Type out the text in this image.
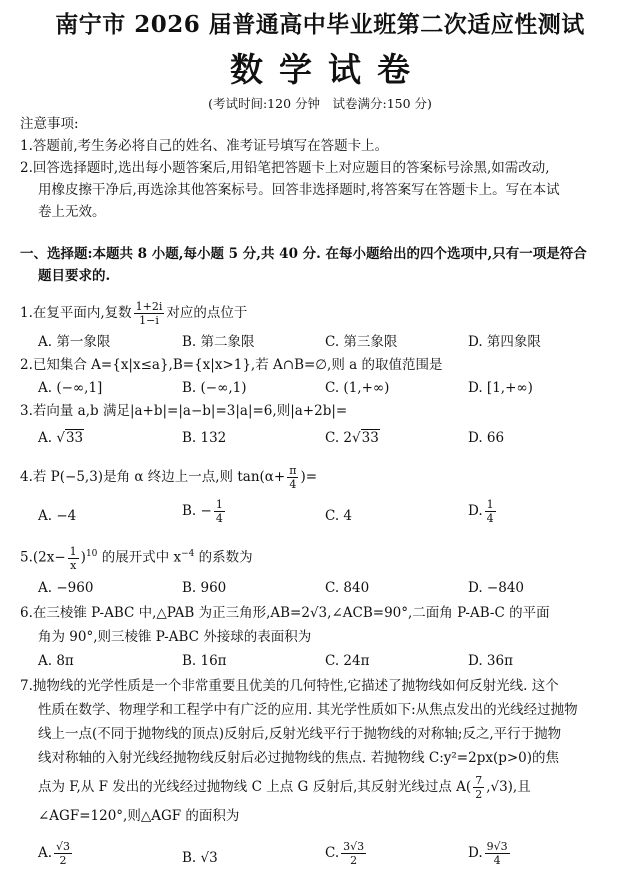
南宁市 2026 届普通高中毕业班第二次适应性测试
数学试卷
(考试时间:120 分钟　试卷满分:150 分)
注意事项:
1.答题前,考生务必将自己的姓名、准考证号填写在答题卡上。
2.回答选择题时,选出每小题答案后,用铅笔把答题卡上对应题目的答案标号涂黑,如需改动,
用橡皮擦干净后,再选涂其他答案标号。回答非选择题时,将答案写在答题卡上。写在本试
卷上无效。
一、选择题:本题共 8 小题,每小题 5 分,共 40 分. 在每小题给出的四个选项中,只有一项是符合
题目要求的.
1.在复平面内,复数 $\frac{1+2i}{1-i}$ 对应的点位于
A. 第一象限	B. 第二象限	C. 第三象限	D. 第四象限
2.已知集合 A={x|x≤a},B={x|x>1},若 A∩B=∅,则 a 的取值范围是
A. (−∞,1]	B. (−∞,1)	C. (1,+∞)	D. [1,+∞)
3.若向量 a,b 满足|a+b|=|a−b|=3|a|=6,则|a+2b|=
A. √33	B. 132	C. 2√33	D. 66
4.若 P(−5,3)是角 α 终边上一点,则 $\tan(\alpha+ \frac{\pi}{4}$ )=
A. −4	B. − $\frac{1}{4}$	C. 4	D. $\frac{1}{4}$
$5.(2x- \frac{1}{x} )^{10}$ 的展开式中 $x^{-4}$ 的系数为
A. −960	B. 960	C. 840	D. −840
6.在三棱锥 P-ABC 中,△PAB 为正三角形,AB=2√3,∠ACB=90°,二面角 P-AB-C 的平面
角为 90°,则三棱锥 P-ABC 外接球的表面积为
A. 8π	B. 16π	C. 24π	D. 36π
7.抛物线的光学性质是一个非常重要且优美的几何特性,它描述了抛物线如何反射光线. 这个
性质在数学、物理学和工程学中有广泛的应用. 其光学性质如下:从焦点发出的光线经过抛物
线上一点(不同于抛物线的顶点)反射后,反射光线平行于抛物线的对称轴;反之,平行于抛物
线对称轴的入射光线经抛物线反射后必过抛物线的焦点. 若抛物线 C:y²=2px(p>0)的焦
点为 F,从 F 发出的光线经过抛物线 C 上点 G 反射后,其反射光线过点 $A( \frac{7}{2} ,√3)$,且
∠AGF=120°,则△AGF 的面积为
A. $\frac{√3}{2}$	B. √3	C. $\frac{3√3}{2}$	D. $\frac{9√3}{4}$
